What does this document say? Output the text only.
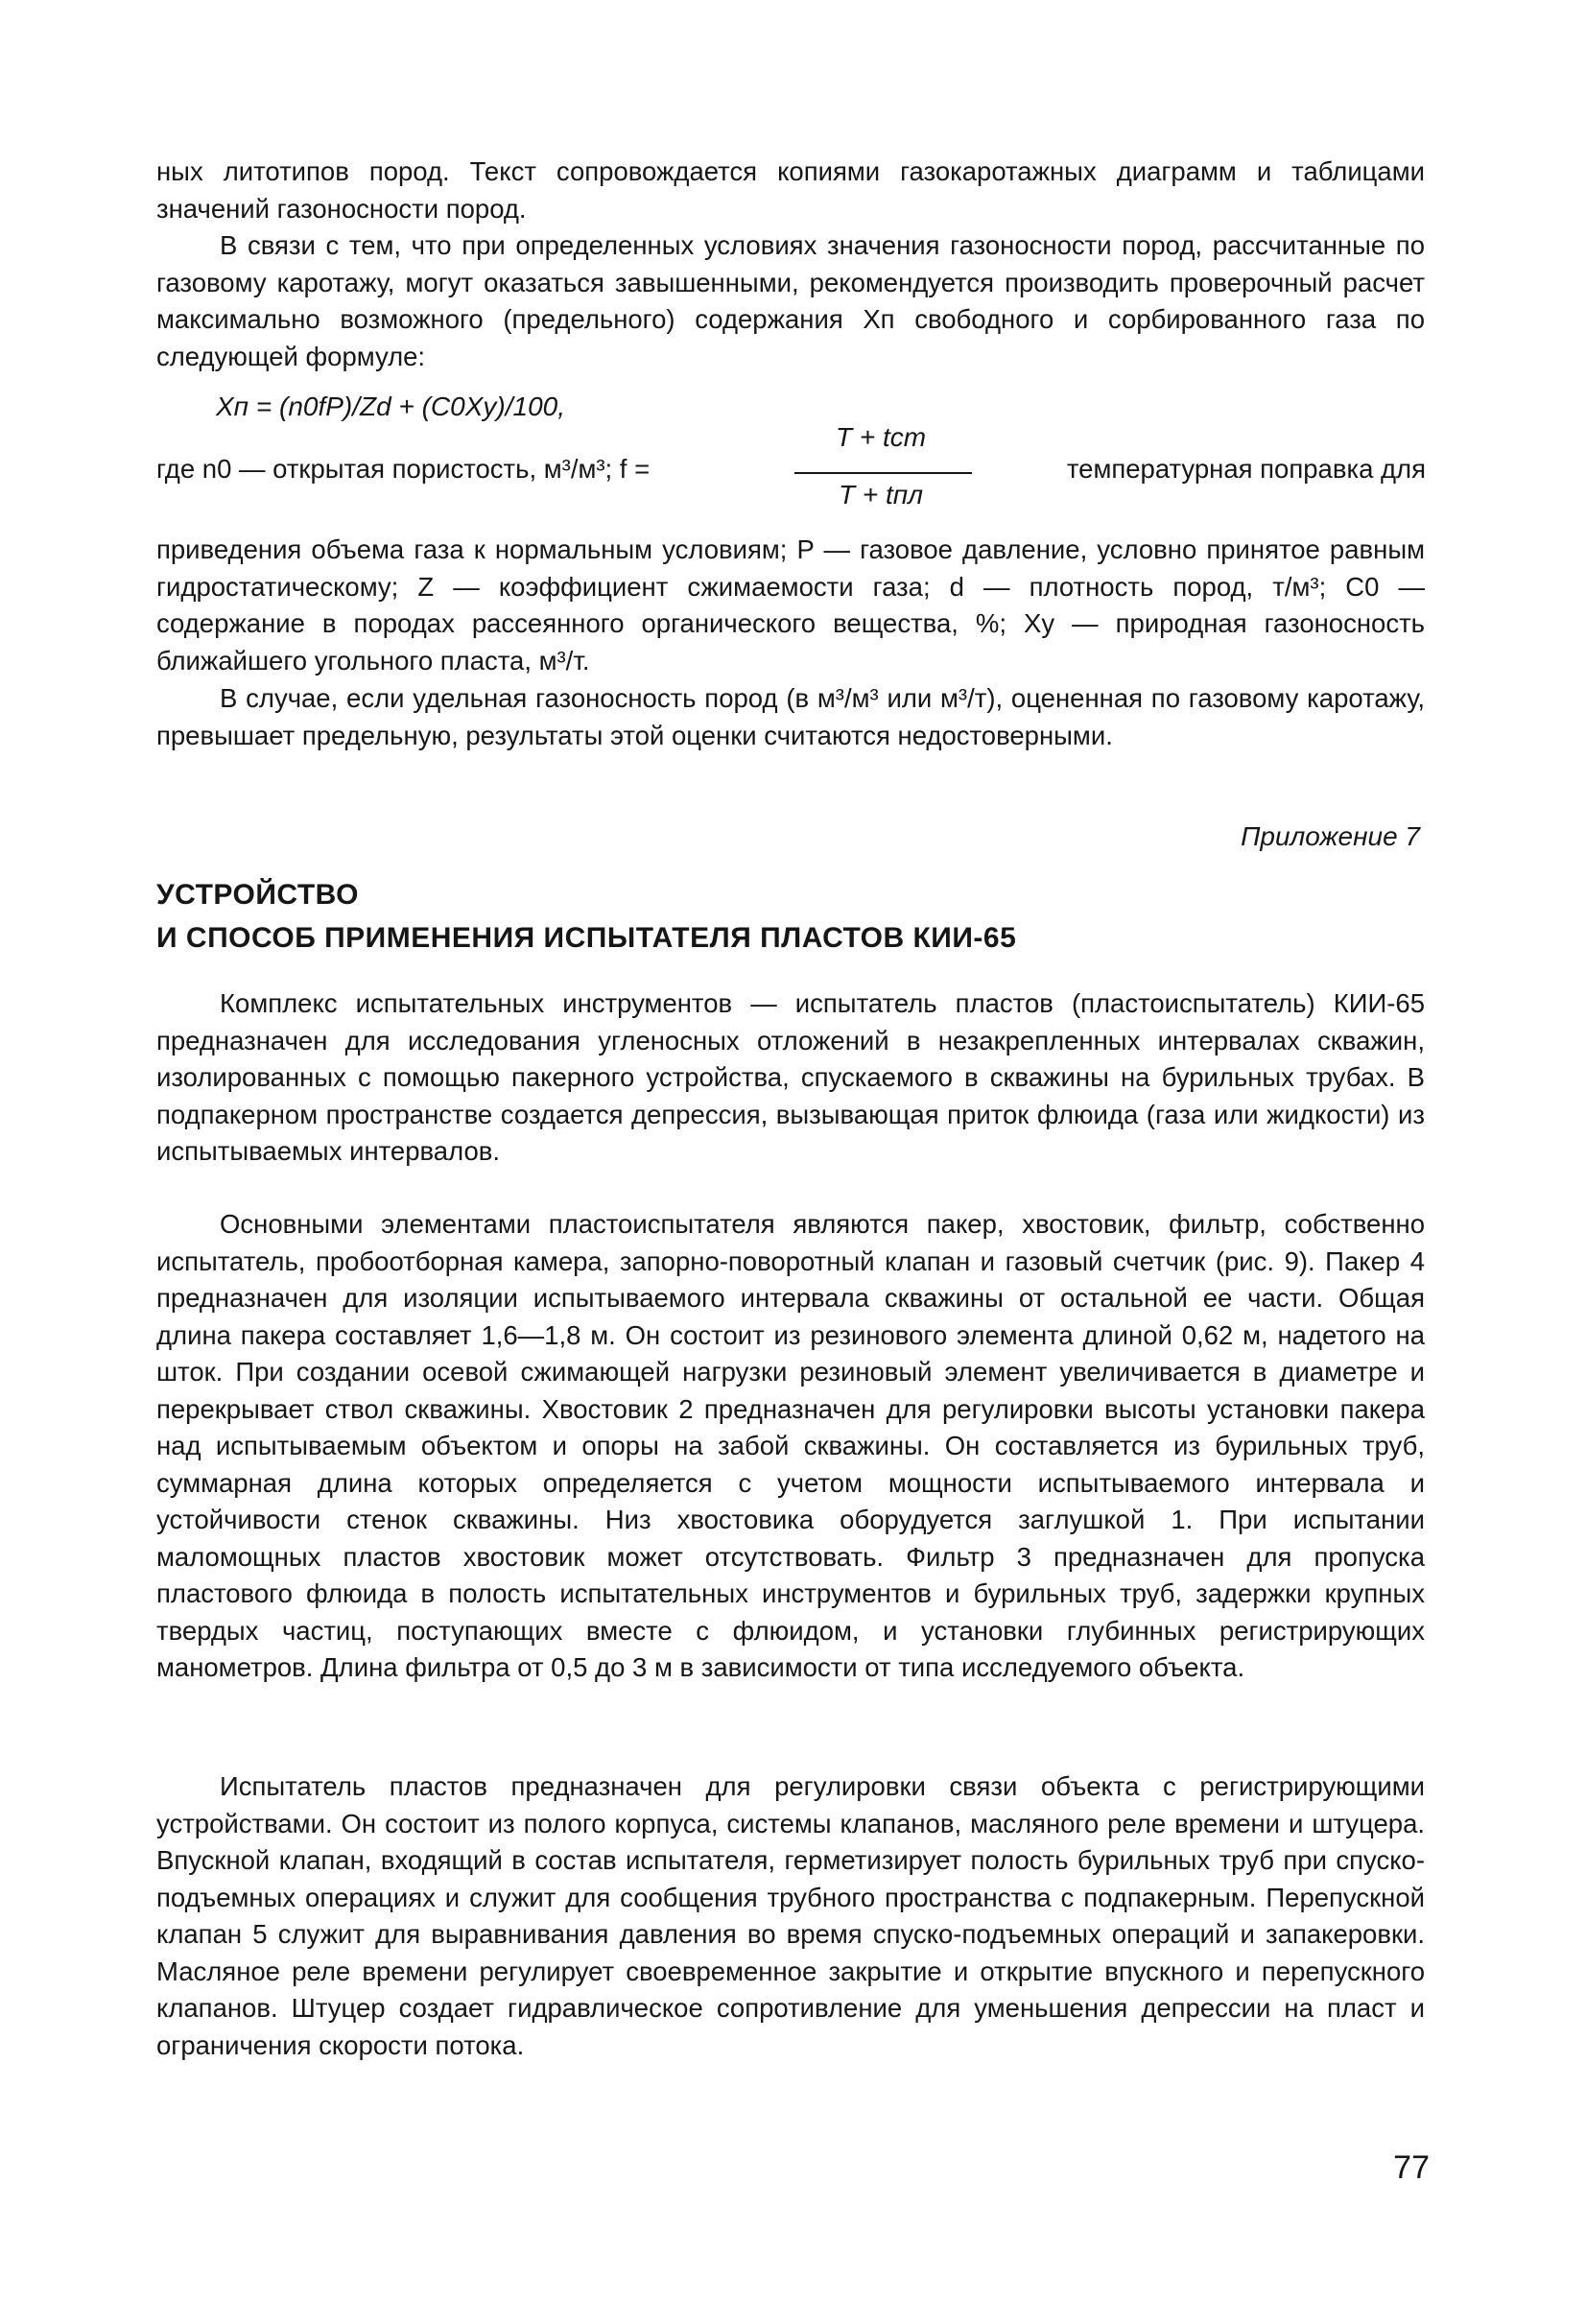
ных литотипов пород. Текст сопровождается копиями газокаротажных диаграмм и таблицами значений газоносности пород.

В связи с тем, что при определенных условиях значения газоносности пород, рассчитанные по газовому каротажу, могут оказаться завышенными, рекомендуется производить проверочный расчет максимально возможного (предельного) содержания Xп свободного и сорбированного газа по следующей формуле:

Xп = (n0fP)/Zd + (C0Xy)/100,
где n0 — открытая пористость, м³/м³; f =
T + tст
T + tпл
температурная поправка для

приведения объема газа к нормальным условиям; P — газовое давление, условно принятое равным гидростатическому; Z — коэффициент сжимаемости газа; d — плотность пород, т/м³; C0 — содержание в породах рассеянного органического вещества, %; Xy — природная газоносность ближайшего угольного пласта, м³/т.

В случае, если удельная газоносность пород (в м³/м³ или м³/т), оцененная по газовому каротажу, превышает предельную, результаты этой оценки считаются недостоверными.

Приложение 7
УСТРОЙСТВО
И СПОСОБ ПРИМЕНЕНИЯ ИСПЫТАТЕЛЯ ПЛАСТОВ КИИ-65

Комплекс испытательных инструментов — испытатель пластов (пластоиспытатель) КИИ-65 предназначен для исследования угленосных отложений в незакрепленных интервалах скважин, изолированных с помощью пакерного устройства, спускаемого в скважины на бурильных трубах. В подпакерном пространстве создается депрессия, вызывающая приток флюида (газа или жидкости) из испытываемых интервалов.

Основными элементами пластоиспытателя являются пакер, хвостовик, фильтр, собственно испытатель, пробоотборная камера, запорно-поворотный клапан и газовый счетчик (рис. 9). Пакер 4 предназначен для изоляции испытываемого интервала скважины от остальной ее части. Общая длина пакера составляет 1,6—1,8 м. Он состоит из резинового элемента длиной 0,62 м, надетого на шток. При создании осевой сжимающей нагрузки резиновый элемент увеличивается в диаметре и перекрывает ствол скважины. Хвостовик 2 предназначен для регулировки высоты установки пакера над испытываемым объектом и опоры на забой скважины. Он составляется из бурильных труб, суммарная длина которых определяется с учетом мощности испытываемого интервала и устойчивости стенок скважины. Низ хвостовика оборудуется заглушкой 1. При испытании маломощных пластов хвостовик может отсутствовать. Фильтр 3 предназначен для пропуска пластового флюида в полость испытательных инструментов и бурильных труб, задержки крупных твердых частиц, поступающих вместе с флюидом, и установки глубинных регистрирующих манометров. Длина фильтра от 0,5 до 3 м в зависимости от типа исследуемого объекта.

Испытатель пластов предназначен для регулировки связи объекта с регистрирующими устройствами. Он состоит из полого корпуса, системы клапанов, масляного реле времени и штуцера. Впускной клапан, входящий в состав испытателя, герметизирует полость бурильных труб при спуско-подъемных операциях и служит для сообщения трубного пространства с подпакерным. Перепускной клапан 5 служит для выравнивания давления во время спуско-подъемных операций и запакеровки. Масляное реле времени регулирует своевременное закрытие и открытие впускного и перепускного клапанов. Штуцер создает гидравлическое сопротивление для уменьшения депрессии на пласт и ограничения скорости потока.

77
